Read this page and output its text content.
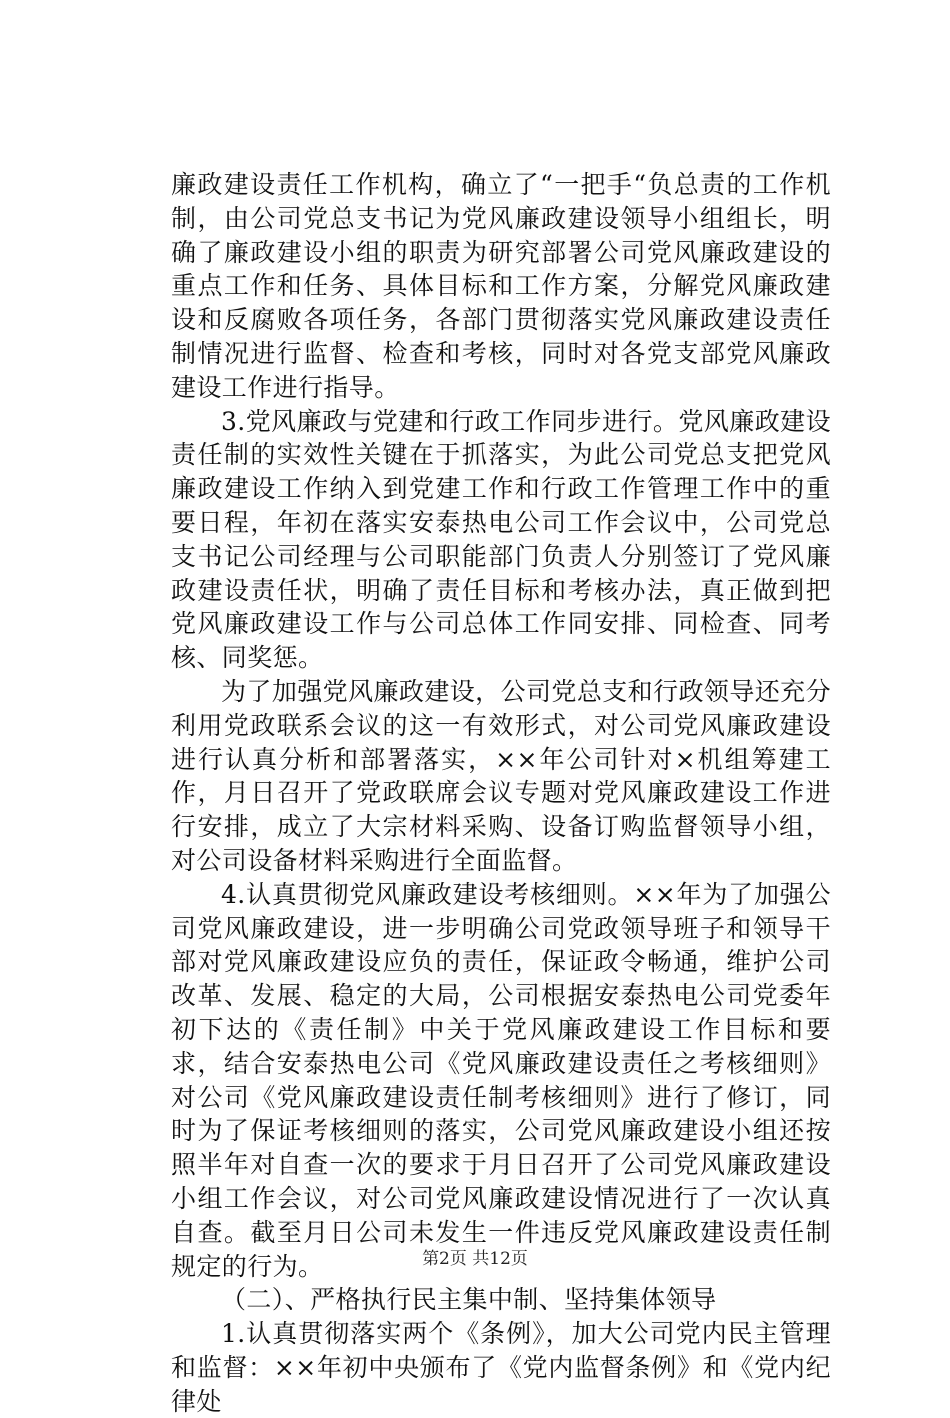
廉政建设责任工作机构，确立了“一把手“负总责的工作机制，由公司党总支书记为党风廉政建设领导小组组长，明确了廉政建设小组的职责为研究部署公司党风廉政建设的重点工作和任务、具体目标和工作方案，分解党风廉政建设和反腐败各项任务，各部门贯彻落实党风廉政建设责任制情况进行监督、检查和考核，同时对各党支部党风廉政建设工作进行指导。

3.党风廉政与党建和行政工作同步进行。党风廉政建设责任制的实效性关键在于抓落实，为此公司党总支把党风廉政建设工作纳入到党建工作和行政工作管理工作中的重要日程，年初在落实安泰热电公司工作会议中，公司党总支书记公司经理与公司职能部门负责人分别签订了党风廉政建设责任状，明确了责任目标和考核办法，真正做到把党风廉政建设工作与公司总体工作同安排、同检查、同考核、同奖惩。

为了加强党风廉政建设，公司党总支和行政领导还充分利用党政联系会议的这一有效形式，对公司党风廉政建设进行认真分析和部署落实，××年公司针对×机组筹建工作，月日召开了党政联席会议专题对党风廉政建设工作进行安排，成立了大宗材料采购、设备订购监督领导小组，对公司设备材料采购进行全面监督。

4.认真贯彻党风廉政建设考核细则。××年为了加强公司党风廉政建设，进一步明确公司党政领导班子和领导干部对党风廉政建设应负的责任，保证政令畅通，维护公司改革、发展、稳定的大局，公司根据安泰热电公司党委年初下达的《责任制》中关于党风廉政建设工作目标和要求，结合安泰热电公司《党风廉政建设责任之考核细则》对公司《党风廉政建设责任制考核细则》进行了修订，同时为了保证考核细则的落实，公司党风廉政建设小组还按照半年对自查一次的要求于月日召开了公司党风廉政建设小组工作会议，对公司党风廉政建设情况进行了一次认真自查。截至月日公司未发生一件违反党风廉政建设责任制规定的行为。

（二）、严格执行民主集中制、坚持集体领导

1.认真贯彻落实两个《条例》，加大公司党内民主管理和监督：××年初中央颁布了《党内监督条例》和《党内纪律处

第2页 共12页
